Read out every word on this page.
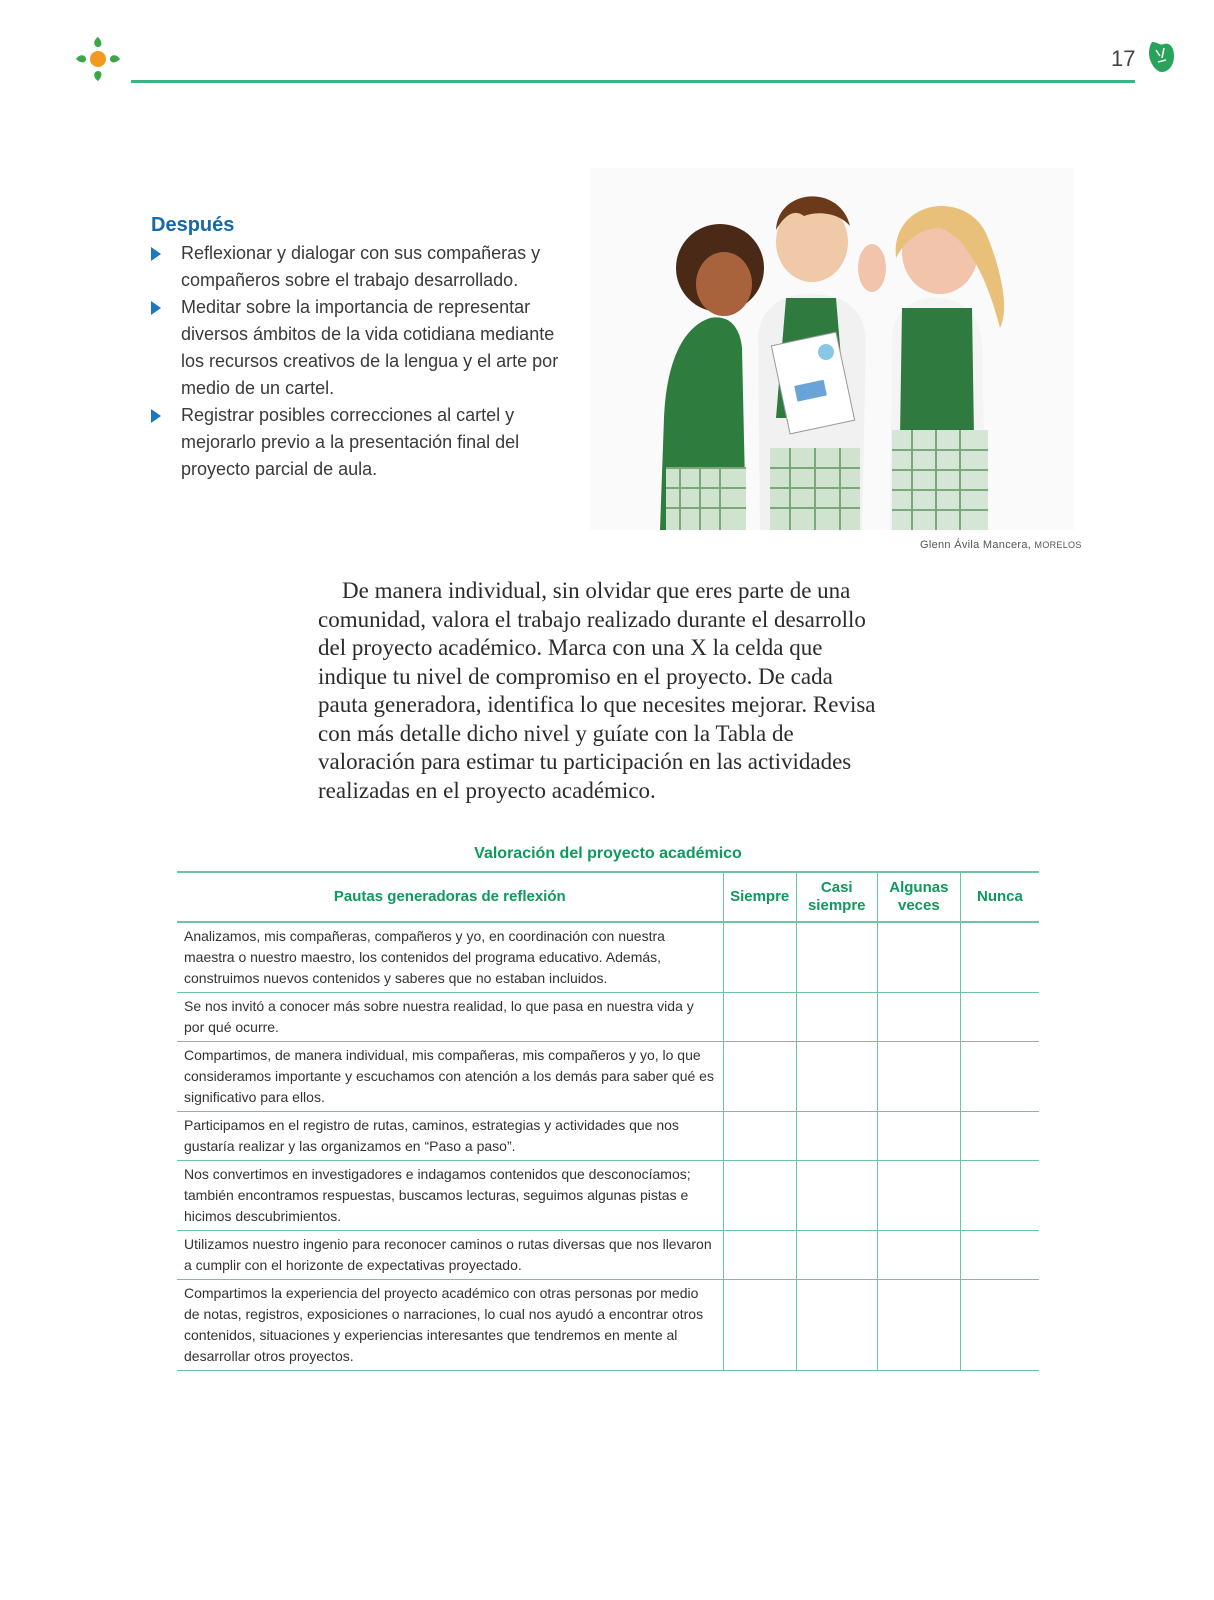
17
Después
Reflexionar y dialogar con sus compañeras y compañeros sobre el trabajo desarrollado.
Meditar sobre la importancia de representar diversos ámbitos de la vida cotidiana mediante los recursos creativos de la lengua y el arte por medio de un cartel.
Registrar posibles correcciones al cartel y mejorarlo previo a la presentación final del proyecto parcial de aula.
Glenn Ávila Mancera, MORELOS

De manera individual, sin olvidar que eres parte de una comunidad, valora el trabajo realizado durante el desarrollo del proyecto académico. Marca con una X la celda que indique tu nivel de compromiso en el proyecto. De cada pauta generadora, identifica lo que necesites mejorar. Revisa con más detalle dicho nivel y guíate con la Tabla de valoración para estimar tu participación en las actividades realizadas en el proyecto académico.

Valoración del proyecto académico
Pautas generadoras de reflexión	Siempre	Casi siempre	Algunas veces	Nunca
Analizamos, mis compañeras, compañeros y yo, en coordinación con nuestra maestra o nuestro maestro, los contenidos del programa educativo. Además, construimos nuevos contenidos y saberes que no estaban incluidos.				
Se nos invitó a conocer más sobre nuestra realidad, lo que pasa en nuestra vida y por qué ocurre.				
Compartimos, de manera individual, mis compañeras, mis compañeros y yo, lo que consideramos importante y escuchamos con atención a los demás para saber qué es significativo para ellos.				
Participamos en el registro de rutas, caminos, estrategias y actividades que nos gustaría realizar y las organizamos en “Paso a paso”.				
Nos convertimos en investigadores e indagamos contenidos que desconocíamos; también encontramos respuestas, buscamos lecturas, seguimos algunas pistas e hicimos descubrimientos.				
Utilizamos nuestro ingenio para reconocer caminos o rutas diversas que nos llevaron a cumplir con el horizonte de expectativas proyectado.				
Compartimos la experiencia del proyecto académico con otras personas por medio de notas, registros, exposiciones o narraciones, lo cual nos ayudó a encontrar otros contenidos, situaciones y experiencias interesantes que tendremos en mente al desarrollar otros proyectos.				
